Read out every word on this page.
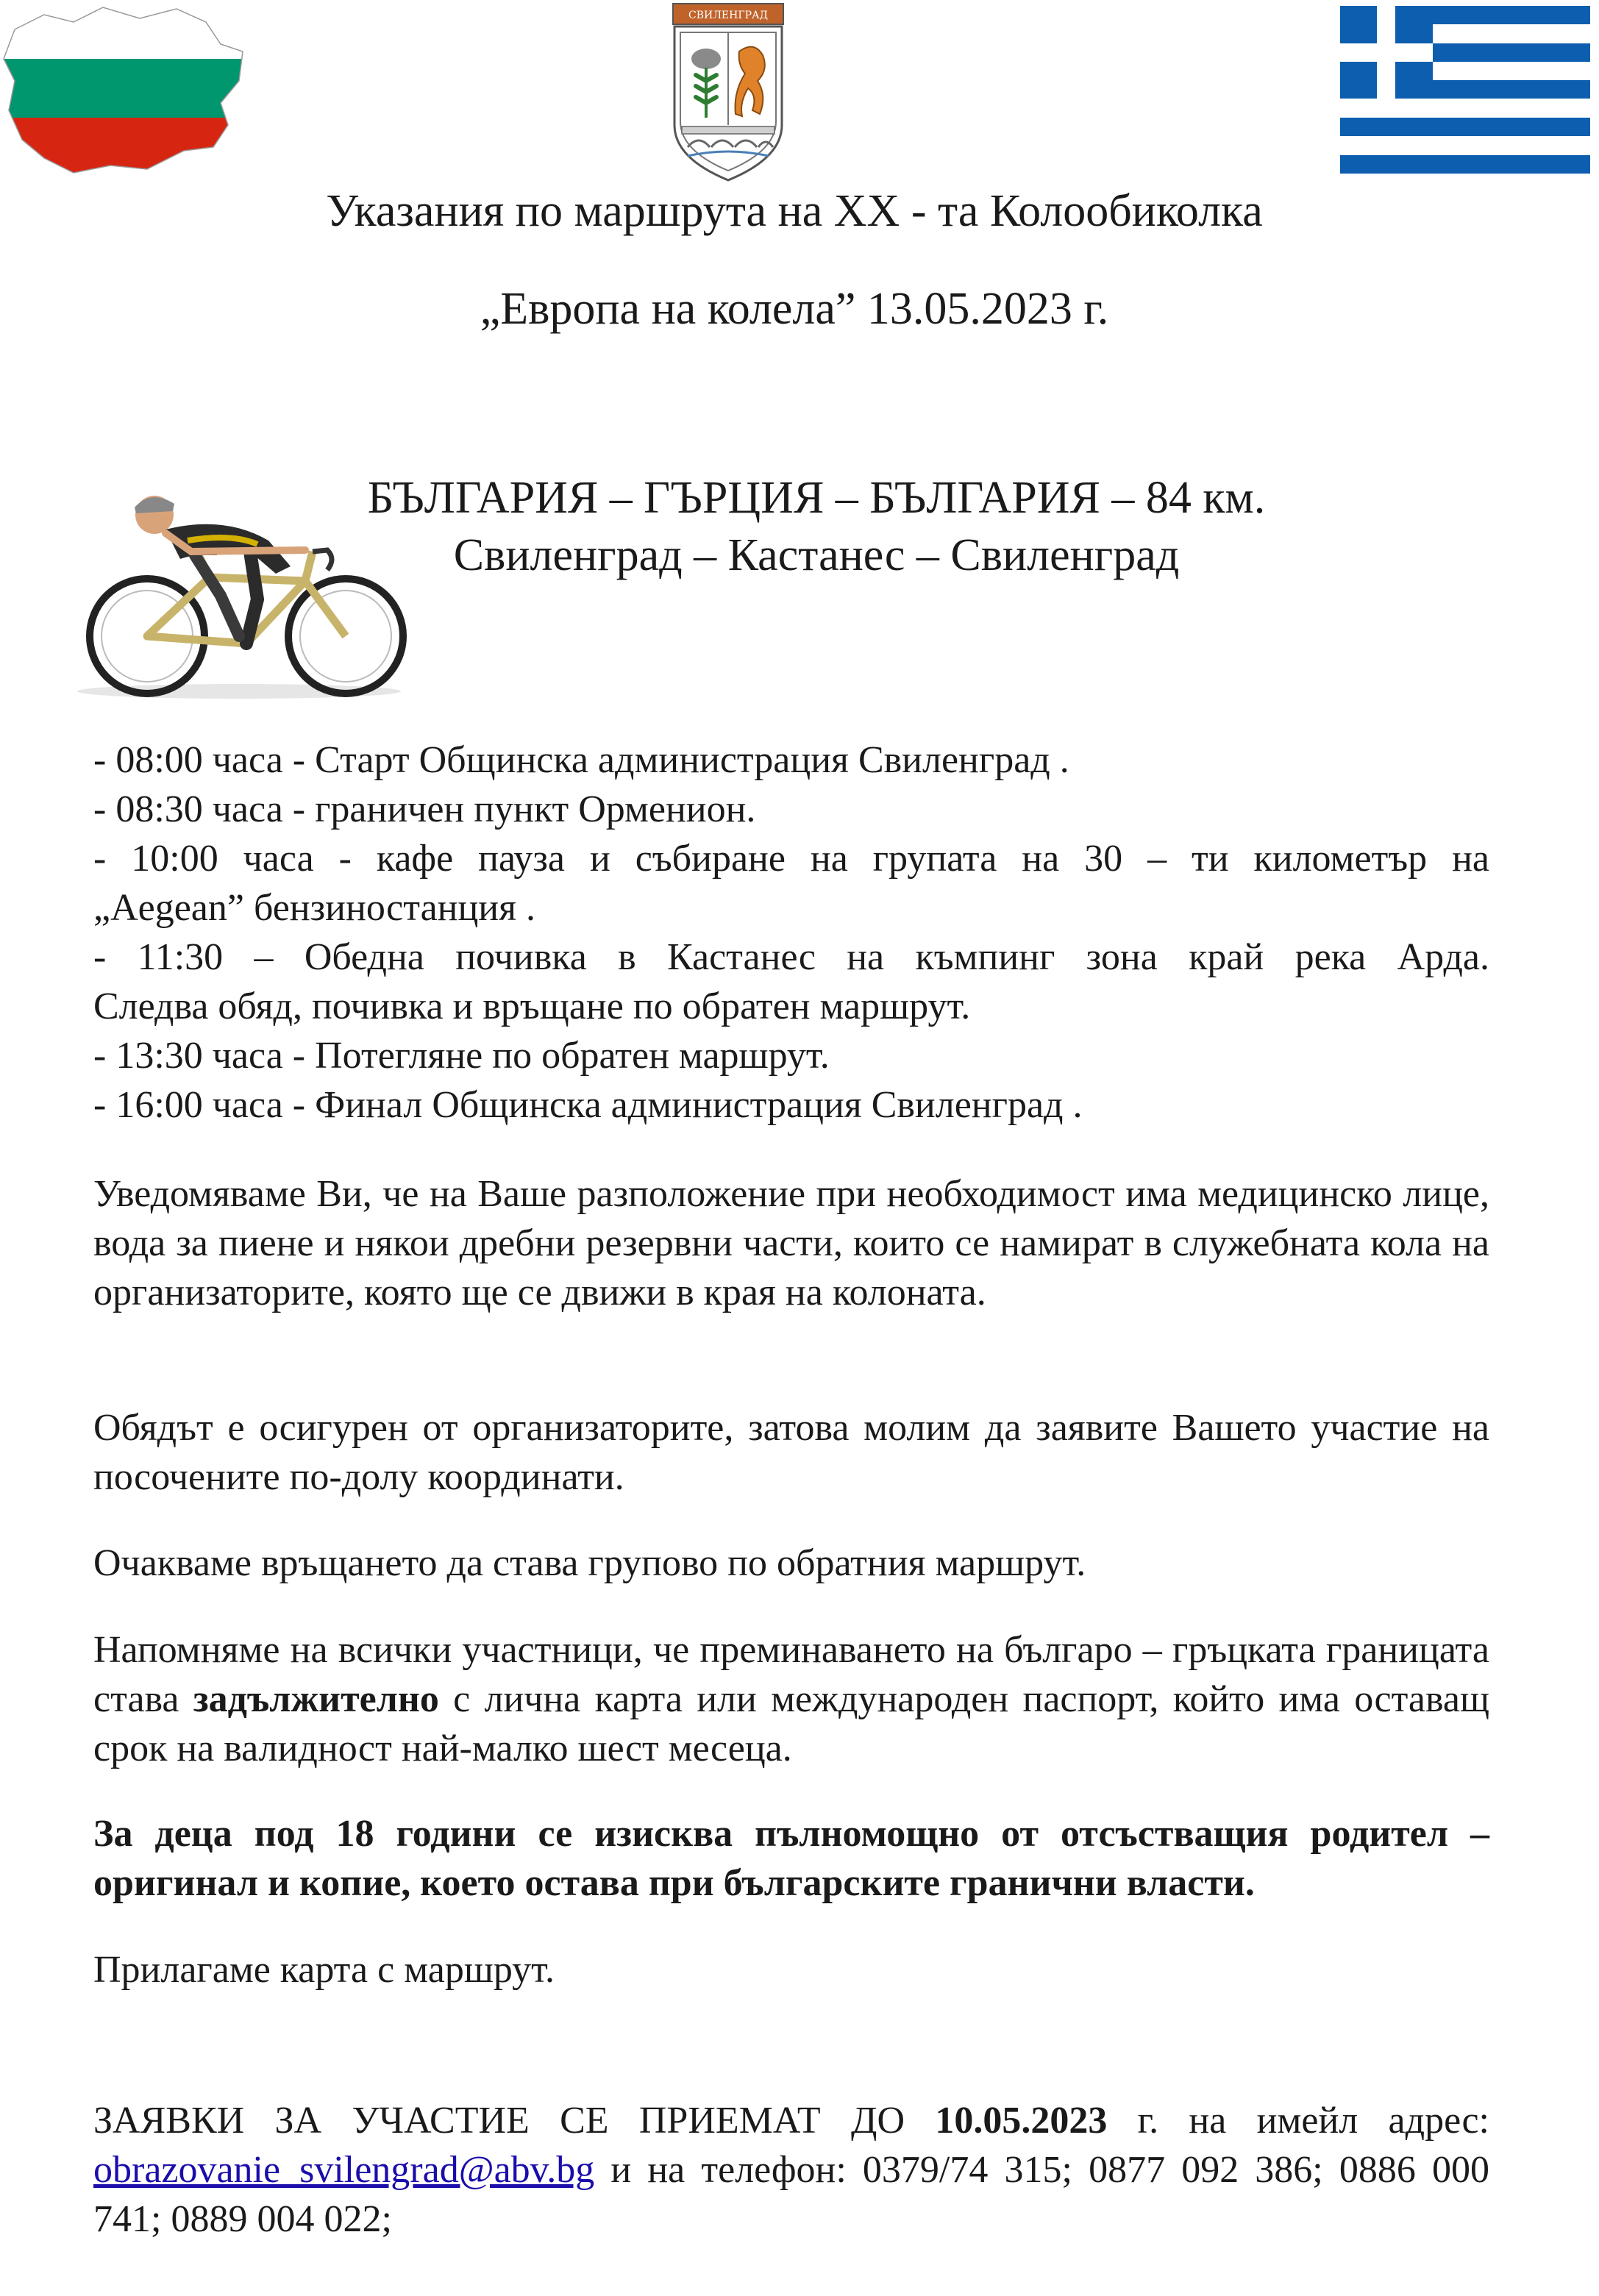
СВИЛЕНГРАД
Указания по маршрута на XX - та Колообиколка
„Европа на колела” 13.05.2023 г.
БЪЛГАРИЯ – ГЪРЦИЯ – БЪЛГАРИЯ – 84 км.
Свиленград – Кастанес – Свиленград
- 08:00 часа - Старт Общинска администрация Свиленград .
- 08:30 часа - граничен пункт Орменион.
- 10:00 часа - кафе пауза и събиране на групата на 30 – ти километър на
„Aegean” бензиностанция .
- 11:30 – Обедна почивка в Кастанес на къмпинг зона край река Арда.
Следва обяд, почивка и връщане по обратен маршрут.
- 13:30 часа - Потегляне по обратен маршрут.
- 16:00 часа - Финал Общинска администрация Свиленград .
Уведомяваме Ви, че на Ваше разположение при необходимост има медицинско лице, вода за пиене и някои дребни резервни части, които се намират в служебната кола на организаторите, която ще се движи в края на колоната.
Обядът е осигурен от организаторите, затова молим да заявите Вашето участие на посочените по-долу координати.
Очакваме връщането да става групово по обратния маршрут.
Напомняме на всички участници, че преминаването на българо – гръцката границата става задължително с лична карта или международен паспорт, който има оставащ срок на валидност най-малко шест месеца.
За деца под 18 години се изисква пълномощно от отсъстващия родител – оригинал и копие, което остава при българските гранични власти.
Прилагаме карта с маршрут.
ЗАЯВКИ ЗА УЧАСТИЕ СЕ ПРИЕМАТ ДО 10.05.2023 г. на имейл адрес: obrazovanie_svilengrad@abv.bg и на телефон: 0379/74 315; 0877 092 386; 0886 000 741; 0889 004 022;
